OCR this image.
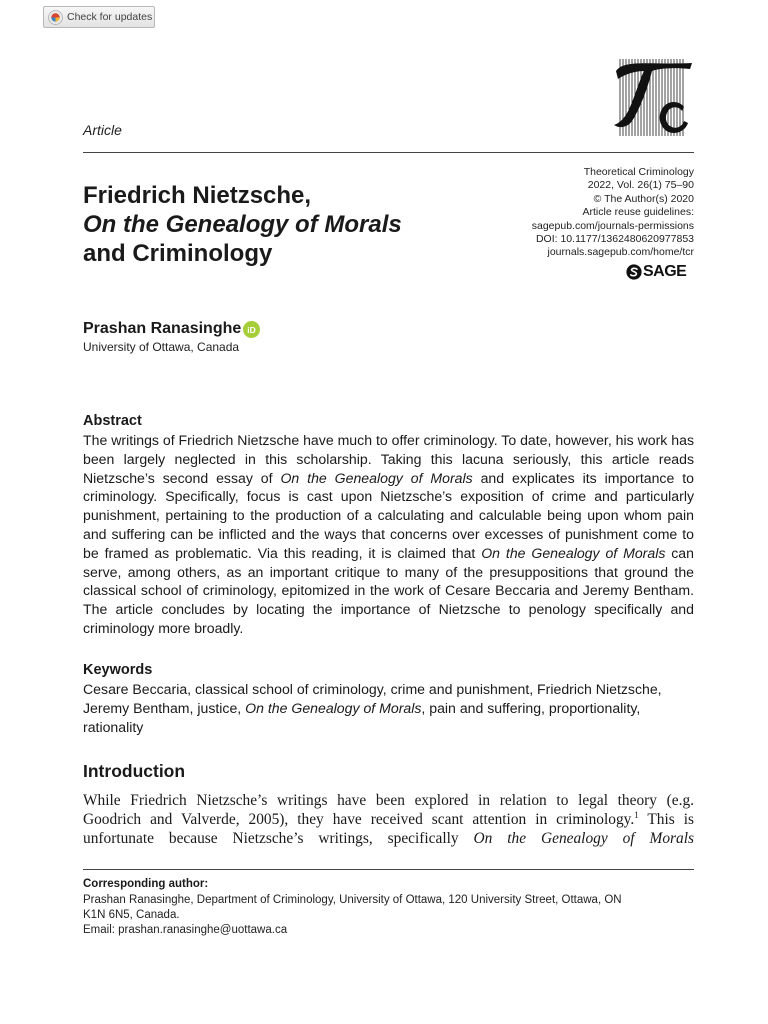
Check for updates
Article
Friedrich Nietzsche,
On the Genealogy of Morals
and Criminology
Theoretical Criminology
2022, Vol. 26(1) 75–90
© The Author(s) 2020
Article reuse guidelines:
sagepub.com/journals-permissions
DOI: 10.1177/1362480620977853
journals.sagepub.com/home/tcr
SAGE
Prashan Ranasinghe iD
University of Ottawa, Canada
Abstract
The writings of Friedrich Nietzsche have much to offer criminology. To date, however, his work has been largely neglected in this scholarship. Taking this lacuna seriously, this article reads Nietzsche’s second essay of On the Genealogy of Morals and explicates its importance to criminology. Specifically, focus is cast upon Nietzsche’s exposition of crime and particularly punishment, pertaining to the production of a calculating and calculable being upon whom pain and suffering can be inflicted and the ways that concerns over excesses of punishment come to be framed as problematic. Via this reading, it is claimed that On the Genealogy of Morals can serve, among others, as an important critique to many of the presuppositions that ground the classical school of criminology, epitomized in the work of Cesare Beccaria and Jeremy Bentham. The article concludes by locating the importance of Nietzsche to penology specifically and criminology more broadly.
Keywords
Cesare Beccaria, classical school of criminology, crime and punishment, Friedrich Nietzsche, Jeremy Bentham, justice, On the Genealogy of Morals, pain and suffering, proportionality, rationality
Introduction
While Friedrich Nietzsche’s writings have been explored in relation to legal theory (e.g.
Goodrich and Valverde, 2005), they have received scant attention in criminology.$^1$ This is
unfortunate because Nietzsche’s writings, specifically On the Genealogy of Morals
Corresponding author:
Prashan Ranasinghe, Department of Criminology, University of Ottawa, 120 University Street, Ottawa, ON
K1N 6N5, Canada.
Email: prashan.ranasinghe@uottawa.ca
